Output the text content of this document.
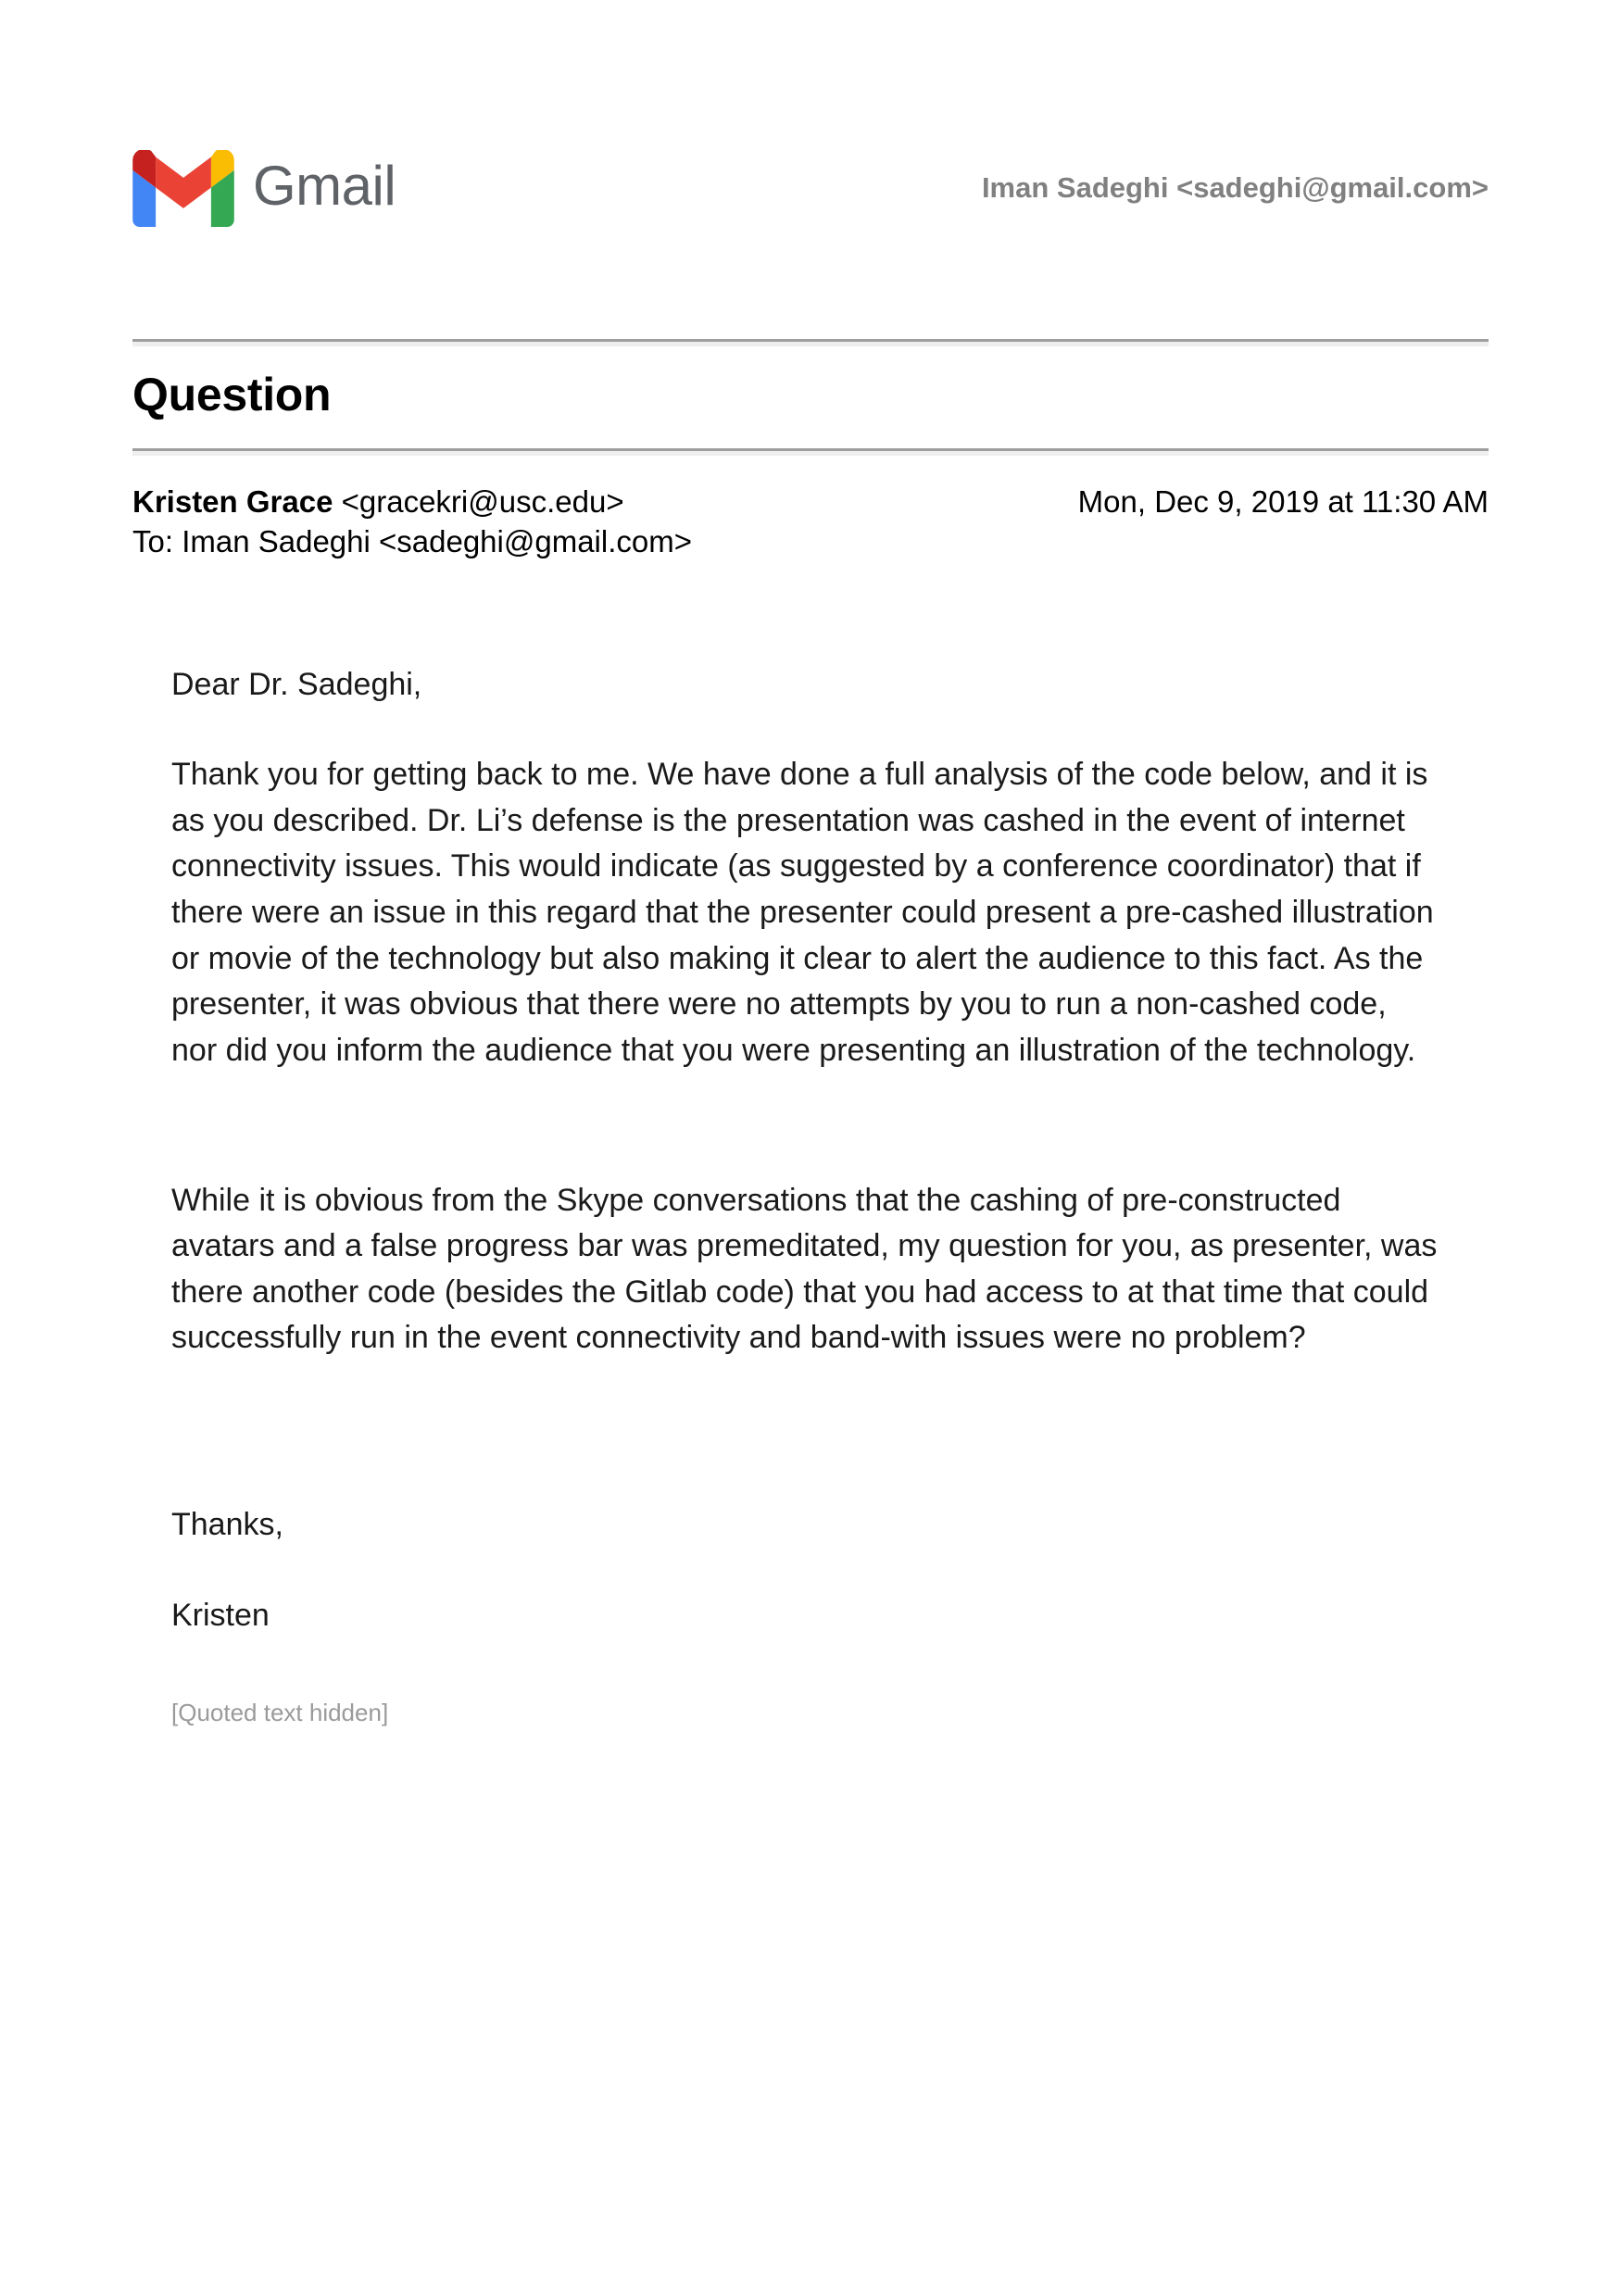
Gmail	Iman Sadeghi <sadeghi@gmail.com>
Question
Kristen Grace <gracekri@usc.edu>
To: Iman Sadeghi <sadeghi@gmail.com>
Mon, Dec 9, 2019 at 11:30 AM

Dear Dr. Sadeghi,

Thank you for getting back to me. We have done a full analysis of the code below, and it is as you described. Dr. Li’s defense is the presentation was cashed in the event of internet connectivity issues. This would indicate (as suggested by a conference coordinator) that if there were an issue in this regard that the presenter could present a pre-cashed illustration or movie of the technology but also making it clear to alert the audience to this fact. As the presenter, it was obvious that there were no attempts by you to run a non-cashed code, nor did you inform the audience that you were presenting an illustration of the technology.

While it is obvious from the Skype conversations that the cashing of pre-constructed avatars and a false progress bar was premeditated, my question for you, as presenter, was there another code (besides the Gitlab code) that you had access to at that time that could successfully run in the event connectivity and band-with issues were no problem?

Thanks,

Kristen

[Quoted text hidden]
